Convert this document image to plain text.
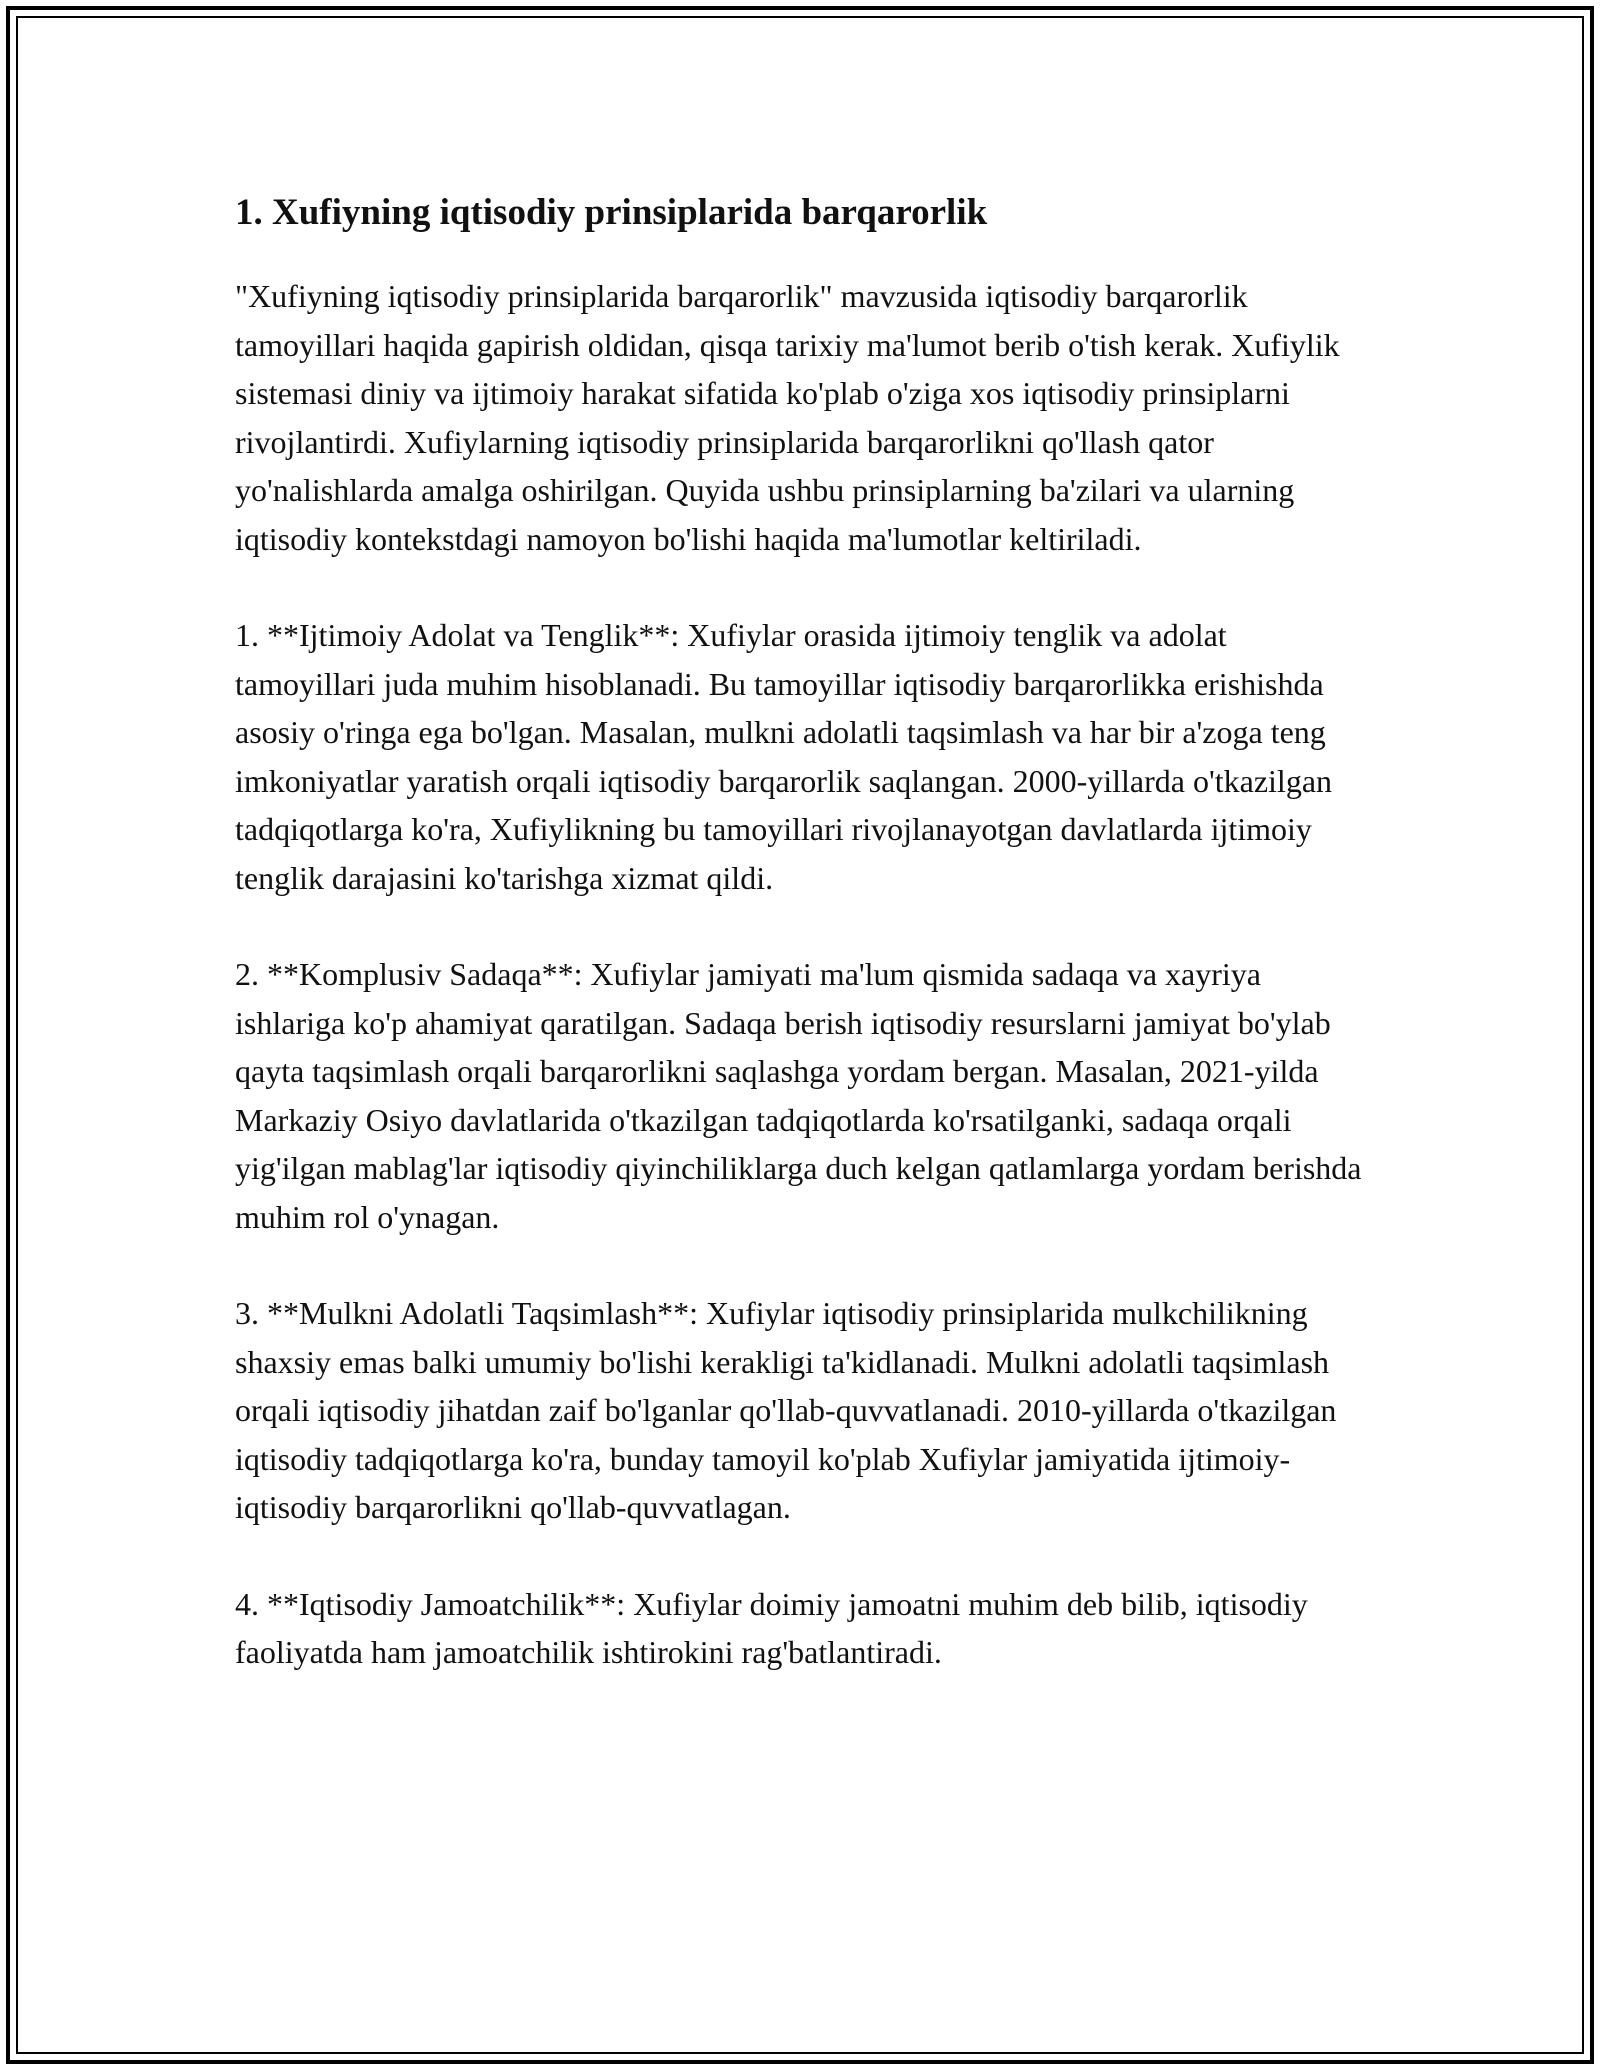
1. Xufiyning iqtisodiy prinsiplarida barqarorlik

"Xufiyning iqtisodiy prinsiplarida barqarorlik" mavzusida iqtisodiy barqarorlik tamoyillari haqida gapirish oldidan, qisqa tarixiy ma'lumot berib o'tish kerak. Xufiylik sistemasi diniy va ijtimoiy harakat sifatida ko'plab o'ziga xos iqtisodiy prinsiplarni rivojlantirdi. Xufiylarning iqtisodiy prinsiplarida barqarorlikni qo'llash qator yo'nalishlarda amalga oshirilgan. Quyida ushbu prinsiplarning ba'zilari va ularning iqtisodiy kontekstdagi namoyon bo'lishi haqida ma'lumotlar keltiriladi.

1. **Ijtimoiy Adolat va Tenglik**: Xufiylar orasida ijtimoiy tenglik va adolat tamoyillari juda muhim hisoblanadi. Bu tamoyillar iqtisodiy barqarorlikka erishishda asosiy o'ringa ega bo'lgan. Masalan, mulkni adolatli taqsimlash va har bir a'zoga teng imkoniyatlar yaratish orqali iqtisodiy barqarorlik saqlangan. 2000-yillarda o'tkazilgan tadqiqotlarga ko'ra, Xufiylikning bu tamoyillari rivojlanayotgan davlatlarda ijtimoiy tenglik darajasini ko'tarishga xizmat qildi.

2. **Komplusiv Sadaqa**: Xufiylar jamiyati ma'lum qismida sadaqa va xayriya ishlariga ko'p ahamiyat qaratilgan. Sadaqa berish iqtisodiy resurslarni jamiyat bo'ylab qayta taqsimlash orqali barqarorlikni saqlashga yordam bergan. Masalan, 2021-yilda Markaziy Osiyo davlatlarida o'tkazilgan tadqiqotlarda ko'rsatilganki, sadaqa orqali yig'ilgan mablag'lar iqtisodiy qiyinchiliklarga duch kelgan qatlamlarga yordam berishda muhim rol o'ynagan.

3. **Mulkni Adolatli Taqsimlash**: Xufiylar iqtisodiy prinsiplarida mulkchilikning shaxsiy emas balki umumiy bo'lishi kerakligi ta'kidlanadi. Mulkni adolatli taqsimlash orqali iqtisodiy jihatdan zaif bo'lganlar qo'llab-quvvatlanadi. 2010-yillarda o'tkazilgan iqtisodiy tadqiqotlarga ko'ra, bunday tamoyil ko'plab Xufiylar jamiyatida ijtimoiy-iqtisodiy barqarorlikni qo'llab-quvvatlagan.

4. **Iqtisodiy Jamoatchilik**: Xufiylar doimiy jamoatni muhim deb bilib, iqtisodiy faoliyatda ham jamoatchilik ishtirokini rag'batlantiradi.
